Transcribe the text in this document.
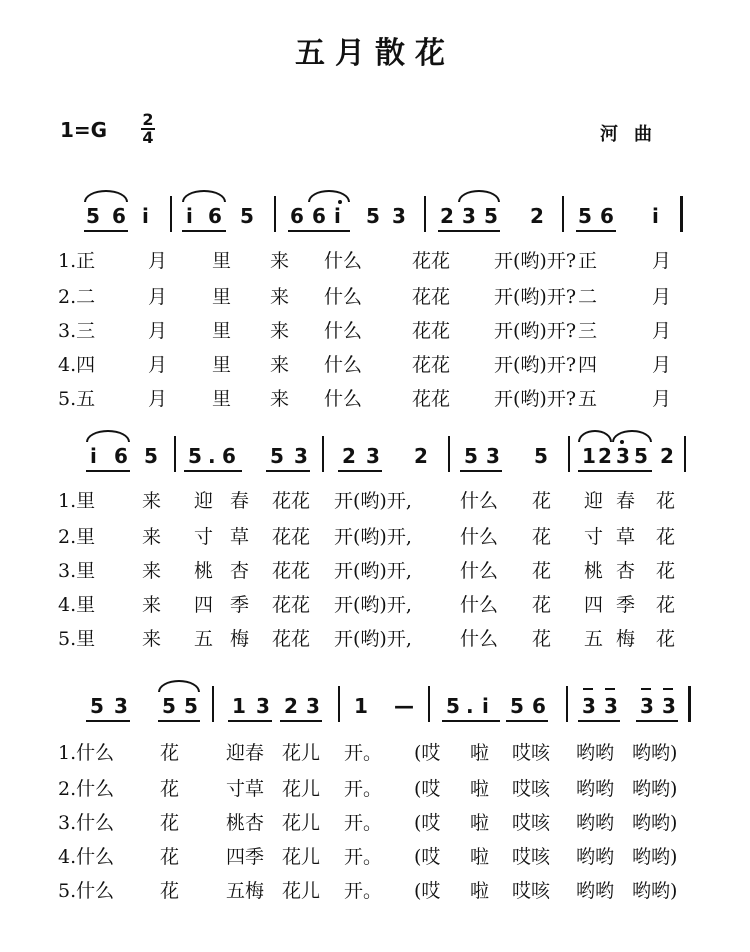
五月散花
1=G 2
4	河曲
5 6 i i 6 5 6 6 i 5 3 2 3 5 2 5 6 i
1.正	月 里 来 什么	花花 开(哟)开? 正	月
2.二	月 里 来 什么	花花 开(哟)开? 二	月
3.三	月 里 来 什么	花花 开(哟)开? 三	月
4.四	月 里 来 什么	花花 开(哟)开? 四	月
5.五	月 里 来 什么	花花 开(哟)开? 五	月
i 6 5 5 . 6 5 3 2 3 2 5 3 5 1 2 3 5 2
1.里 来 迎 春 花花 开(哟)开,	什么 花 迎 春 花
2.里 来 寸 草 花花 开(哟)开,	什么 花 寸 草 花
3.里 来 桃 杏 花花 开(哟)开,	什么 花 桃 杏 花
4.里 来 四 季 花花 开(哟)开,	什么 花 四 季 花
5.里 来 五 梅 花花 开(哟)开,	什么 花 五 梅 花
5 3 5 5 1 3 2 3 1 — 5 . i 5 6 3 3 3 3
1.什么 花 迎春 花儿 开。 (哎 啦 哎咳 哟哟 哟哟)
2.什么 花 寸草 花儿 开。 (哎 啦 哎咳 哟哟 哟哟)
3.什么 花 桃杏 花儿 开。 (哎 啦 哎咳 哟哟 哟哟)
4.什么 花 四季 花儿 开。 (哎 啦 哎咳 哟哟 哟哟)
5.什么 花 五梅 花儿 开。 (哎 啦 哎咳 哟哟 哟哟)
